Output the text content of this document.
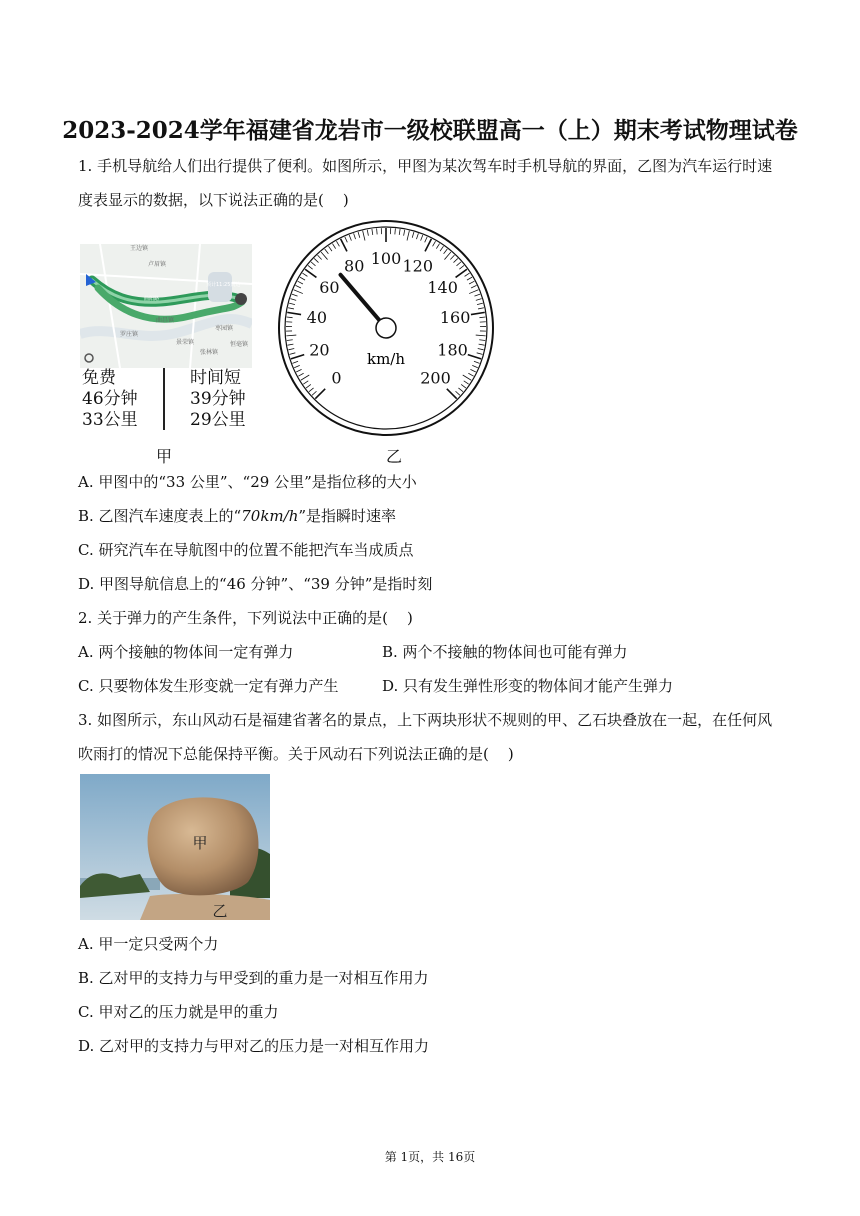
2023-2024学年福建省龙岩市一级校联盟高一（上）期末考试物理试卷
1. 手机导航给人们出行提供了便利。如图所示，甲图为某次驾车时手机导航的界面，乙图为汽车运行时速
度表显示的数据，以下说法正确的是(    )
王边镇
卢眉镇
罗庄镇
枣园镇
景荣镇
张林镇
预计11:25到达
曲昌镇
恒毫镇
曲阳路
免费
46分钟
33公里
时间短
39分钟
29公里
甲
0
20
40
60
80 100 120
140
160
180
200
km/h
乙
A. 甲图中的“33 公里”、“29 公里”是指位移的大小
B. 乙图汽车速度表上的“70km/h”是指瞬时速率
C. 研究汽车在导航图中的位置不能把汽车当成质点
D. 甲图导航信息上的“46 分钟”、“39 分钟”是指时刻
2. 关于弹力的产生条件，下列说法中正确的是(    )
A. 两个接触的物体间一定有弹力	B. 两个不接触的物体间也可能有弹力
C. 只要物体发生形变就一定有弹力产生	D. 只有发生弹性形变的物体间才能产生弹力
3. 如图所示，东山风动石是福建省著名的景点，上下两块形状不规则的甲、乙石块叠放在一起，在任何风
吹雨打的情况下总能保持平衡。关于风动石下列说法正确的是(    )
甲
乙
A. 甲一定只受两个力
B. 乙对甲的支持力与甲受到的重力是一对相互作用力
C. 甲对乙的压力就是甲的重力
D. 乙对甲的支持力与甲对乙的压力是一对相互作用力
第 1页，共 16页
